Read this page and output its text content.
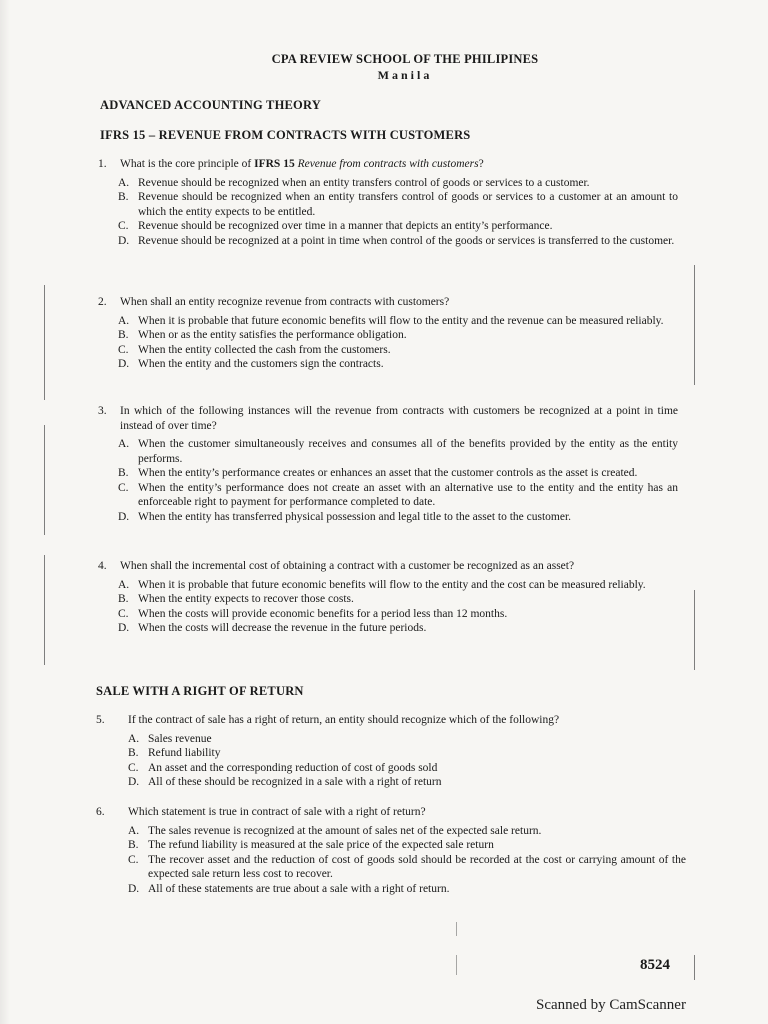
CPA REVIEW SCHOOL OF THE PHILIPINES
Manila
ADVANCED ACCOUNTING THEORY
IFRS 15 – REVENUE FROM CONTRACTS WITH CUSTOMERS
1.	What is the core principle of IFRS 15 Revenue from contracts with customers?
A. Revenue should be recognized when an entity transfers control of goods or services to a customer.
B. Revenue should be recognized when an entity transfers control of goods or services to a customer at an amount to which the entity expects to be entitled.
C. Revenue should be recognized over time in a manner that depicts an entity’s performance.
D. Revenue should be recognized at a point in time when control of the goods or services is transferred to the customer.
2.	When shall an entity recognize revenue from contracts with customers?
A. When it is probable that future economic benefits will flow to the entity and the revenue can be measured reliably.
B. When or as the entity satisfies the performance obligation.
C. When the entity collected the cash from the customers.
D. When the entity and the customers sign the contracts.
3.	In which of the following instances will the revenue from contracts with customers be recognized at a point in time instead of over time?
A. When the customer simultaneously receives and consumes all of the benefits provided by the entity as the entity performs.
B. When the entity’s performance creates or enhances an asset that the customer controls as the asset is created.
C. When the entity’s performance does not create an asset with an alternative use to the entity and the entity has an enforceable right to payment for performance completed to date.
D. When the entity has transferred physical possession and legal title to the asset to the customer.
4.	When shall the incremental cost of obtaining a contract with a customer be recognized as an asset?
A. When it is probable that future economic benefits will flow to the entity and the cost can be measured reliably.
B. When the entity expects to recover those costs.
C. When the costs will provide economic benefits for a period less than 12 months.
D. When the costs will decrease the revenue in the future periods.
SALE WITH A RIGHT OF RETURN
5.	If the contract of sale has a right of return, an entity should recognize which of the following?
A. Sales revenue
B. Refund liability
C. An asset and the corresponding reduction of cost of goods sold
D. All of these should be recognized in a sale with a right of return
6.	Which statement is true in contract of sale with a right of return?
A. The sales revenue is recognized at the amount of sales net of the expected sale return.
B. The refund liability is measured at the sale price of the expected sale return
C. The recover asset and the reduction of cost of goods sold should be recorded at the cost or carrying amount of the expected sale return less cost to recover.
D. All of these statements are true about a sale with a right of return.
8524
Scanned by CamScanner
